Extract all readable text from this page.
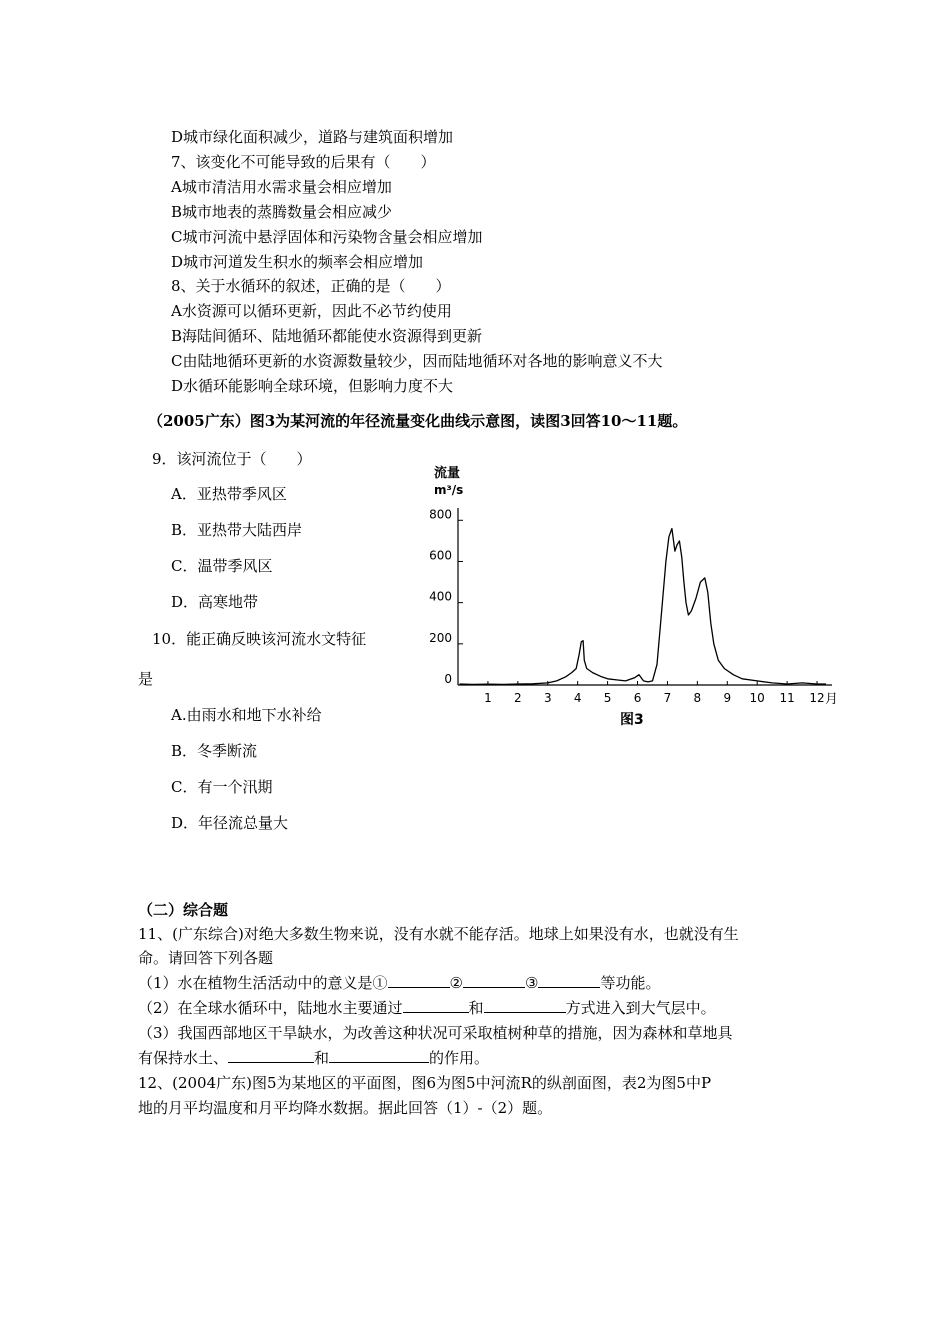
D城市绿化面积减少，道路与建筑面积增加
7、该变化不可能导致的后果有（　　）
A城市清洁用水需求量会相应增加
B城市地表的蒸腾数量会相应减少
C城市河流中悬浮固体和污染物含量会相应增加
D城市河道发生积水的频率会相应增加
8、关于水循环的叙述，正确的是（　　）
A水资源可以循环更新，因此不必节约使用
B海陆间循环、陆地循环都能使水资源得到更新
C由陆地循环更新的水资源数量较少，因而陆地循环对各地的影响意义不大
D水循环能影响全球环境，但影响力度不大
（2005广东）图3为某河流的年径流量变化曲线示意图，读图3回答10～11题。
9．该河流位于（　　）
A．亚热带季风区
B．亚热带大陆西岸
C．温带季风区
D．高寒地带
10．能正确反映该河流水文特征
是
A.由雨水和地下水补给
B．冬季断流
C．有一个汛期
D．年径流总量大
流量
m³/s
0
200
400
600
800
1 2 3 4 5 6 7 8 9 10 11 12 月
图3
（二）综合题
11、(广东综合)对绝大多数生物来说，没有水就不能存活。地球上如果没有水，也就没有生
命。请回答下列各题
（1）水在植物生活活动中的意义是①	②	③	等功能。
（2）在全球水循环中，陆地水主要通过	和	方式进入到大气层中。
（3）我国西部地区干旱缺水，为改善这种状况可采取植树种草的措施，因为森林和草地具
有保持水土、	和	的作用。
12、(2004广东)图5为某地区的平面图，图6为图5中河流R的纵剖面图，表2为图5中P
地的月平均温度和月平均降水数据。据此回答（1）-（2）题。
